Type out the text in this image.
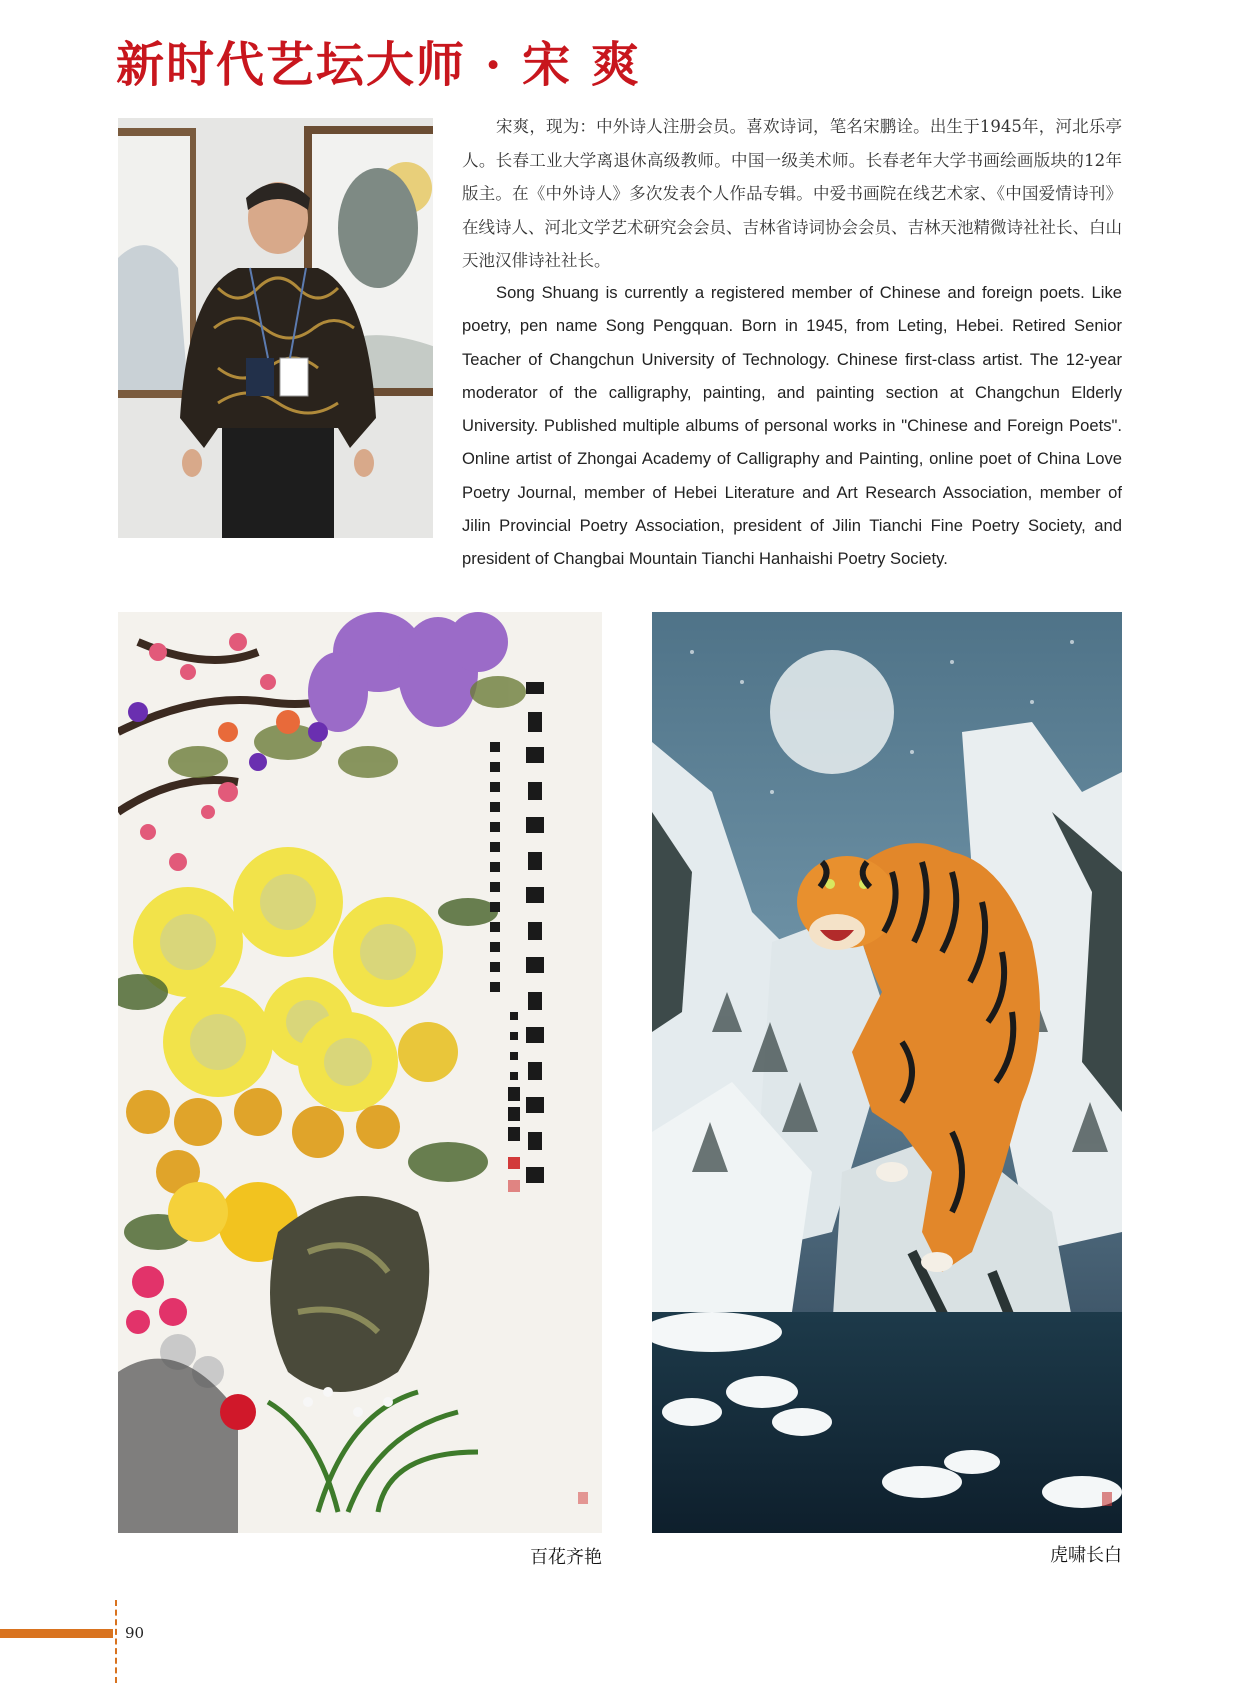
新时代艺坛大师 · 宋 爽

宋爽，现为：中外诗人注册会员。喜欢诗词，笔名宋鹏诠。出生于1945年，河北乐亭人。长春工业大学离退休高级教师。中国一级美术师。长春老年大学书画绘画版块的12年版主。在《中外诗人》多次发表个人作品专辑。中爱书画院在线艺术家、《中国爱情诗刊》在线诗人、河北文学艺术研究会会员、吉林省诗词协会会员、吉林天池精微诗社社长、白山天池汉俳诗社社长。

Song Shuang is currently a registered member of Chinese and foreign poets. Like poetry, pen name Song Pengquan. Born in 1945, from Leting, Hebei. Retired Senior Teacher of Changchun University of Technology. Chinese first-class artist. The 12-year moderator of the calligraphy, painting, and painting section at Changchun Elderly University. Published multiple albums of personal works in "Chinese and Foreign Poets". Online artist of Zhongai Academy of Calligraphy and Painting, online poet of China Love Poetry Journal, member of Hebei Literature and Art Research Association, member of Jilin Provincial Poetry Association, president of Jilin Tianchi Fine Poetry Society, and president of Changbai Mountain Tianchi Hanhaishi Poetry Society.

百花齐艳	虎啸长白
90
